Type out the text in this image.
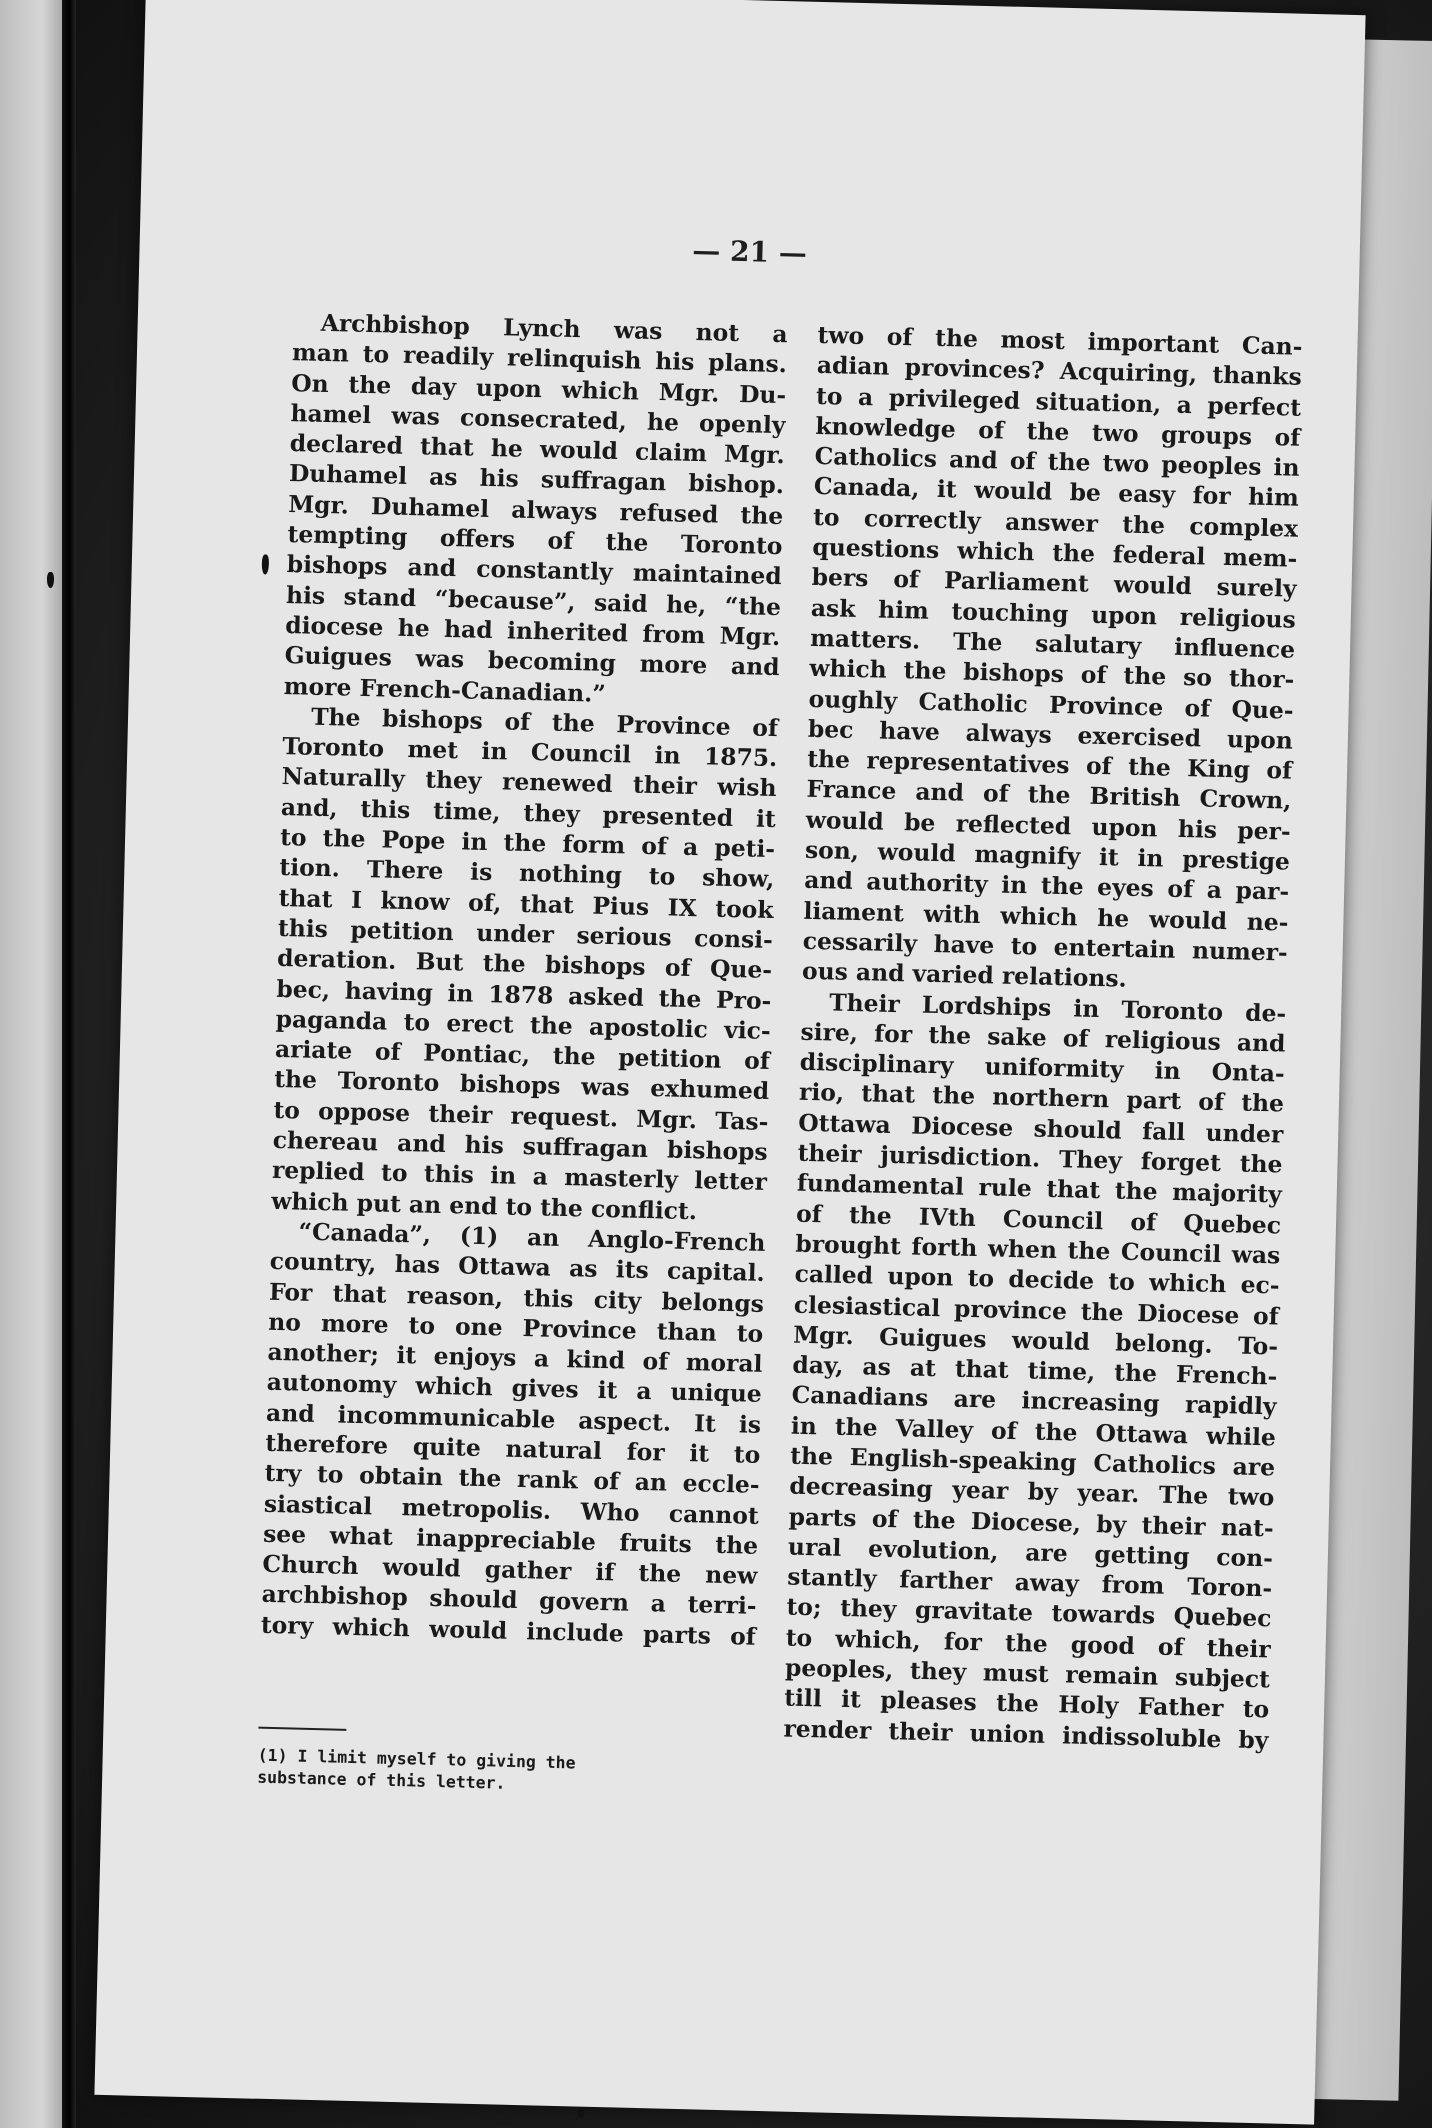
— 21 —
Archbishop Lynch was not a
man to readily relinquish his plans.
On the day upon which Mgr. Du-
hamel was consecrated, he openly
declared that he would claim Mgr.
Duhamel as his suffragan bishop.
Mgr. Duhamel always refused the
tempting offers of the Toronto
bishops and constantly maintained
his stand “because”, said he, “the
diocese he had inherited from Mgr.
Guigues was becoming more and
more French-Canadian.”
The bishops of the Province of
Toronto met in Council in 1875.
Naturally they renewed their wish
and, this time, they presented it
to the Pope in the form of a peti-
tion. There is nothing to show,
that I know of, that Pius IX took
this petition under serious consi-
deration. But the bishops of Que-
bec, having in 1878 asked the Pro-
paganda to erect the apostolic vic-
ariate of Pontiac, the petition of
the Toronto bishops was exhumed
to oppose their request. Mgr. Tas-
chereau and his suffragan bishops
replied to this in a masterly letter
which put an end to the conflict.
“Canada”, (1) an Anglo-French
country, has Ottawa as its capital.
For that reason, this city belongs
no more to one Province than to
another; it enjoys a kind of moral
autonomy which gives it a unique
and incommunicable aspect. It is
therefore quite natural for it to
try to obtain the rank of an eccle-
siastical metropolis. Who cannot
see what inappreciable fruits the
Church would gather if the new
archbishop should govern a terri-
tory which would include parts of
two of the most important Can-
adian provinces? Acquiring, thanks
to a privileged situation, a perfect
knowledge of the two groups of
Catholics and of the two peoples in
Canada, it would be easy for him
to correctly answer the complex
questions which the federal mem-
bers of Parliament would surely
ask him touching upon religious
matters. The salutary influence
which the bishops of the so thor-
oughly Catholic Province of Que-
bec have always exercised upon
the representatives of the King of
France and of the British Crown,
would be reflected upon his per-
son, would magnify it in prestige
and authority in the eyes of a par-
liament with which he would ne-
cessarily have to entertain numer-
ous and varied relations.
Their Lordships in Toronto de-
sire, for the sake of religious and
disciplinary uniformity in Onta-
rio, that the northern part of the
Ottawa Diocese should fall under
their jurisdiction. They forget the
fundamental rule that the majority
of the IVth Council of Quebec
brought forth when the Council was
called upon to decide to which ec-
clesiastical province the Diocese of
Mgr. Guigues would belong. To-
day, as at that time, the French-
Canadians are increasing rapidly
in the Valley of the Ottawa while
the English-speaking Catholics are
decreasing year by year. The two
parts of the Diocese, by their nat-
ural evolution, are getting con-
stantly farther away from Toron-
to; they gravitate towards Quebec
to which, for the good of their
peoples, they must remain subject
till it pleases the Holy Father to
render their union indissoluble by
(1) I limit myself to giving the
substance of this letter.
